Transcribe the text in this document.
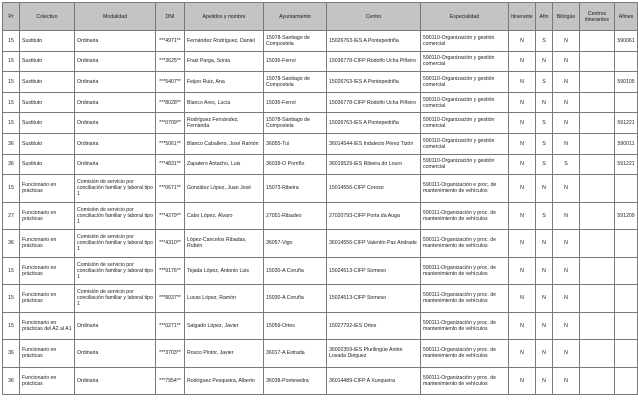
Pr	Colectivo	Modalidad	DNI	Apelidos y nombre	Ayuntamiento	Centro	Especialidad	Itinerante	Afin	Bilingüe	Centros itinerantes	Afines
15	Sustituto	Ordinaria	***4971**	Fernández Rodríguez, Daniel	15078-Santiago de Compostela	15026763-IES A Pontepedriña	590110-Organización y gestión comercial	N	S	N		590061
15	Sustituto	Ordinaria	***3625**	Fraiz Parga, Sonia	15036-Ferrol	15036778-CIFP Rodolfo Ucha Piñeiro	590110-Organización y gestión comercial	N	N	N		
15	Sustituto	Ordinaria	***5407**	Feijoo Ruiz, Ana	15078-Santiago de Compostela	15026763-IES A Pontepedriña	590110-Organización y gestión comercial	N	S	N		590105
15	Sustituto	Ordinaria	***8028**	Blanco Ares, Lucía	15036-Ferrol	15036778-CIFP Rodolfo Ucha Piñeiro	590110-Organización y gestión comercial	N	N	N		
15	Sustituto	Ordinaria	***0709**	Rodríguez Fernández, Fernanda	15078-Santiago de Compostela	15026763-IES A Pontepedriña	590110-Organización y gestión comercial	N	S	N		591221
36	Sustituto	Ordinaria	***5061**	Blanco Caballero, José Ramón	36055-Tui	36014544-IES Indalecio Pérez Tizón	590110-Organización y gestión comercial	N	S	N		590011
36	Sustituto	Ordinaria	***4831**	Zapatero Antacho, Luis	36039-O Porriño	36019529-IES Ribeira do Louro	590110-Organización y gestión comercial	N	S	S		591221
15	Funcionario en prácticas	Comisión de servicio por conciliación familiar y laboral tipo 1	***0671**	González López, Juan José	15073-Ribeira	15014556-CIFP Coroso	590111-Organización e proc. de mantenimiento de vehículos	N	N	N		
27	Funcionario en prácticas	Comisión de servicio por conciliación familiar y laboral tipo 1	***4279**	Cabo López, Álvaro	27051-Ribadeo	27020793-CIFP Porta da Auga	590111-Organización y proc. de mantenimiento de vehículos	N	S	N		591209
36	Funcionario en prácticas	Comisión de servicio por conciliación familiar y laboral tipo 1	***4310**	López-Cancelos Ribadas, Rubén	36057-Vigo	36014556-CIFP Valentín Paz Andrade	590111-Organización y proc. de mantenimiento de vehículos	N	N	N		
15	Funcionario en prácticas	Comisión de servicio por conciliación familiar y laboral tipo 1	***9176**	Tejada López, Antonio Luis	15030-A Coruña	15024513-CIFP Someso	590111-Organización y proc. de mantenimiento de vehículos	N	N	N		
15	Funcionario en prácticas	Comisión de servicio por conciliación familiar y laboral tipo 1	***8037**	Lucas López, Ramón	15030-A Coruña	15024513-CIFP Someso	590111-Organización y proc. de mantenimiento de vehículos	N	N	N		
15	Funcionario en prácticas del A2 al A1	Ordinaria	***0271**	Salgado López, Javier	15059-Ortes	15027792-IES Ortes	590111-Organización y proc. de mantenimiento de vehículos	N	N	N		
36	Funcionario en prácticas	Ordinaria	***3703**	Rouco Pintor, Javier	36017-A Estrada	36002359-IES Plurilingüe Antón Losada Diéguez	590111-Organización y proc. de mantenimiento de vehículos	N	N	N		
36	Funcionario en prácticas	Ordinaria	***7954**	Rodríguez Pesqueira, Alberto	36038-Pontevedra	36014489-CIFP A Xunqueira	590111-Organización y proc. de mantenimiento de vehículos	N	N	N		
